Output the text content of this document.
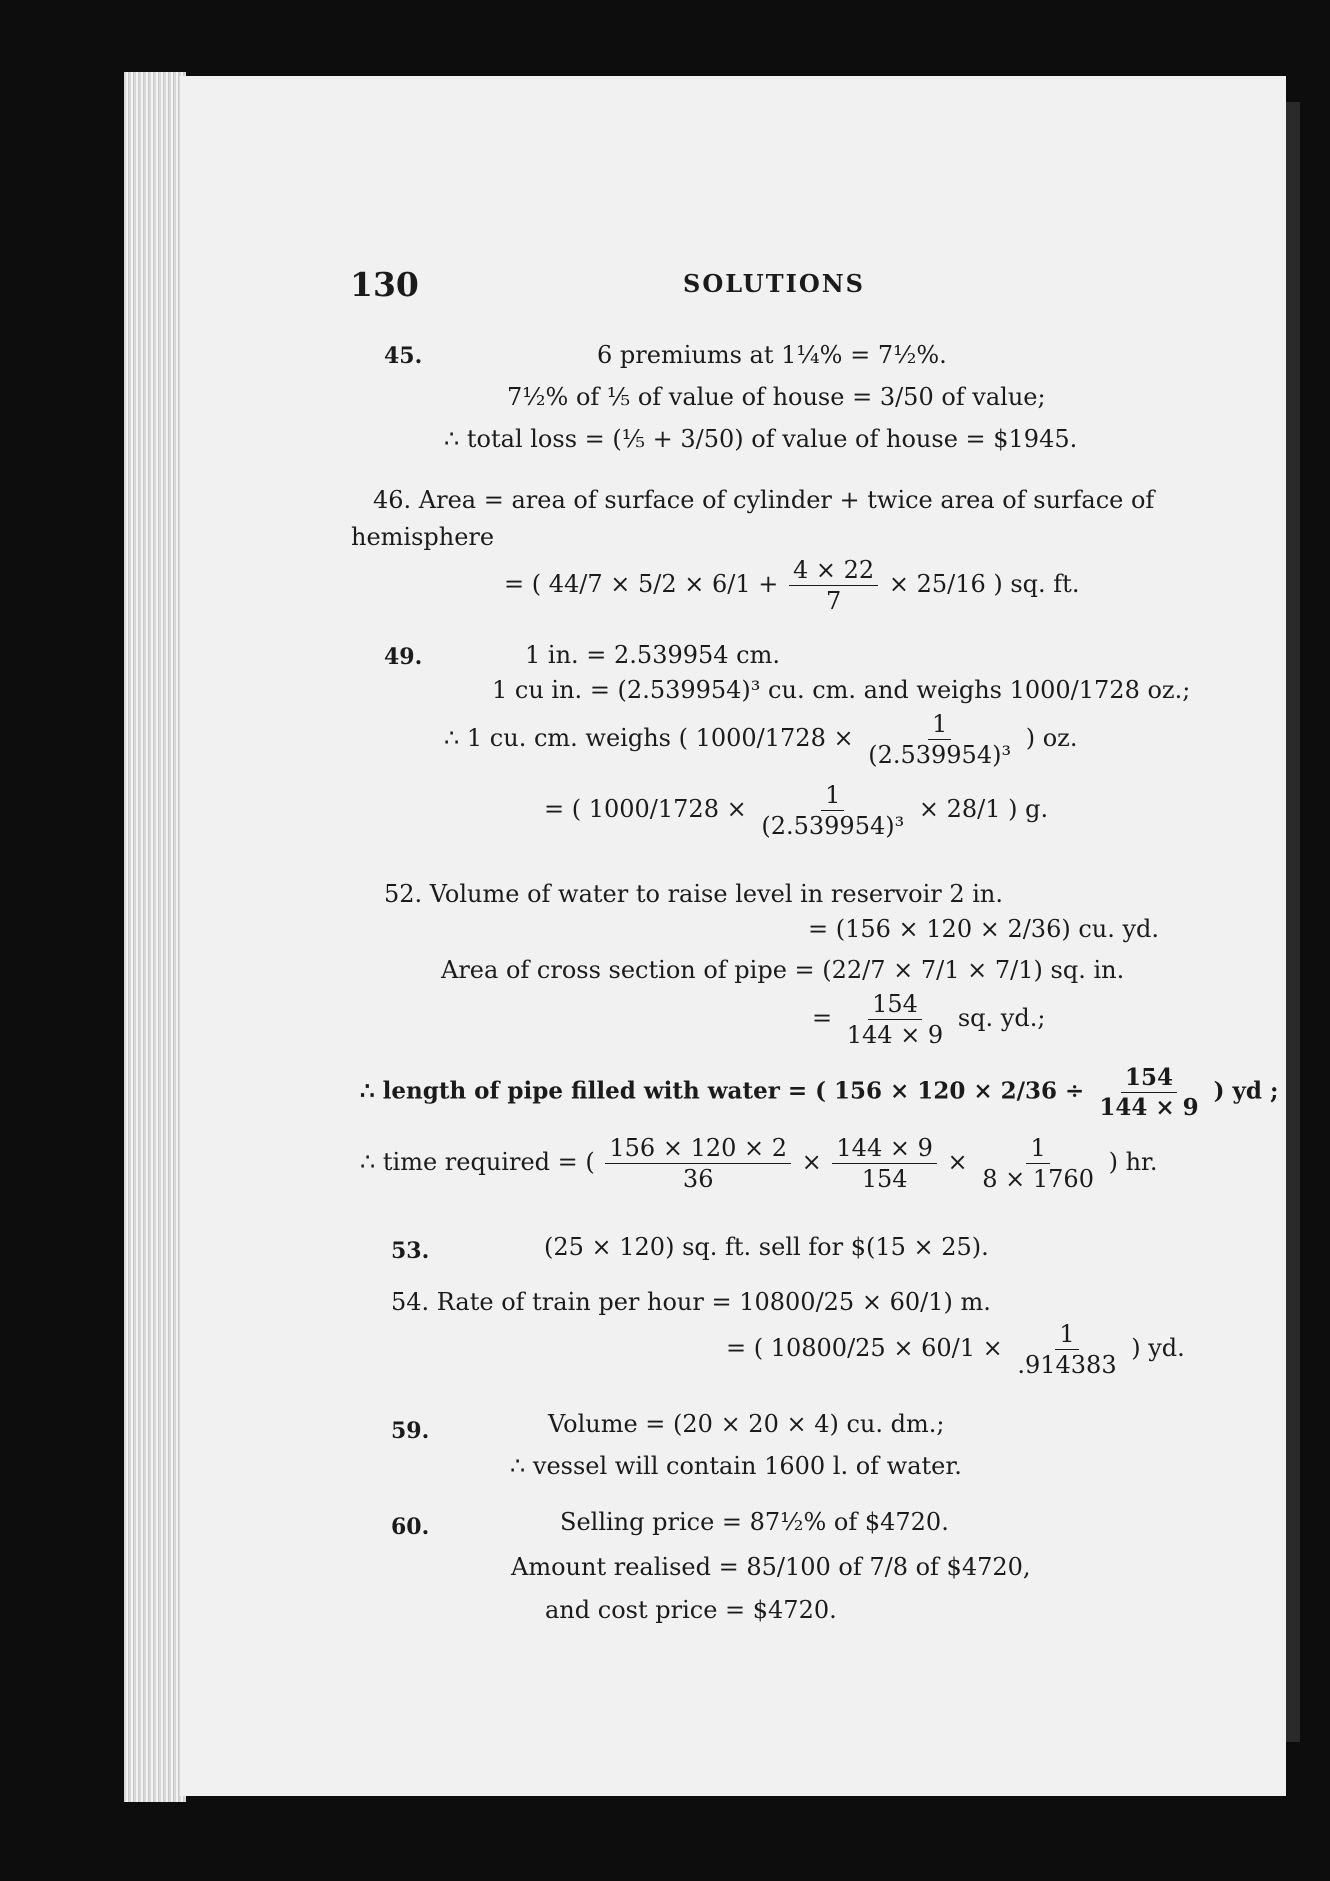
130	SOLUTIONS
45.	6 premiums at 1¼% = 7½%.
7½% of ⅕ of value of house = 3/50 of value;
∴ total loss = (⅕ + 3/50) of value of house = $1945.
46. Area = area of surface of cylinder + twice area of surface of
hemisphere
= ( $44/7 \times 5/2 \times 6/1 + \frac{4 \times 22}{7} \times 25/16$ ) sq. ft.
49.	1 in. = 2.539954 cm.
1 cu in. = (2.539954)³ cu. cm. and weighs 1000/1728 oz.;
∴ 1 cu. cm. weighs ( $1000/1728 \times \frac{1}{\text{(2.539954)³}}$ ) oz.
= ( $1000/1728 \times \frac{1}{\text{(2.539954)³}} \times 28/1$ ) g.
52. Volume of water to raise level in reservoir 2 in.
= (156 × 120 × 2/36) cu. yd.
Area of cross section of pipe = (22/7 × 7/1 × 7/1) sq. in.
= $\frac{154}{144 \times 9}$ sq. yd.;
∴ length of pipe filled with water = ( $156 \times 120 \times 2/36 \div \frac{154}{144 \times 9}$ ) yd ;
∴ time required = ( $\frac{156 \times 120 \times 2}{36} \times \frac{144 \times 9}{154} \times \frac{1}{8 \times 1760}$ ) hr.
53.	(25 × 120) sq. ft. sell for $(15 × 25).
54. Rate of train per hour = 10800/25 × 60/1) m.
= ( $10800/25 \times 60/1 \times \frac{1}{.914383}$ ) yd.
59.	Volume = (20 × 20 × 4) cu. dm.;
∴ vessel will contain 1600 l. of water.
60.	Selling price = 87½% of $4720.
Amount realised = 85/100 of 7/8 of $4720,
and cost price = $4720.
